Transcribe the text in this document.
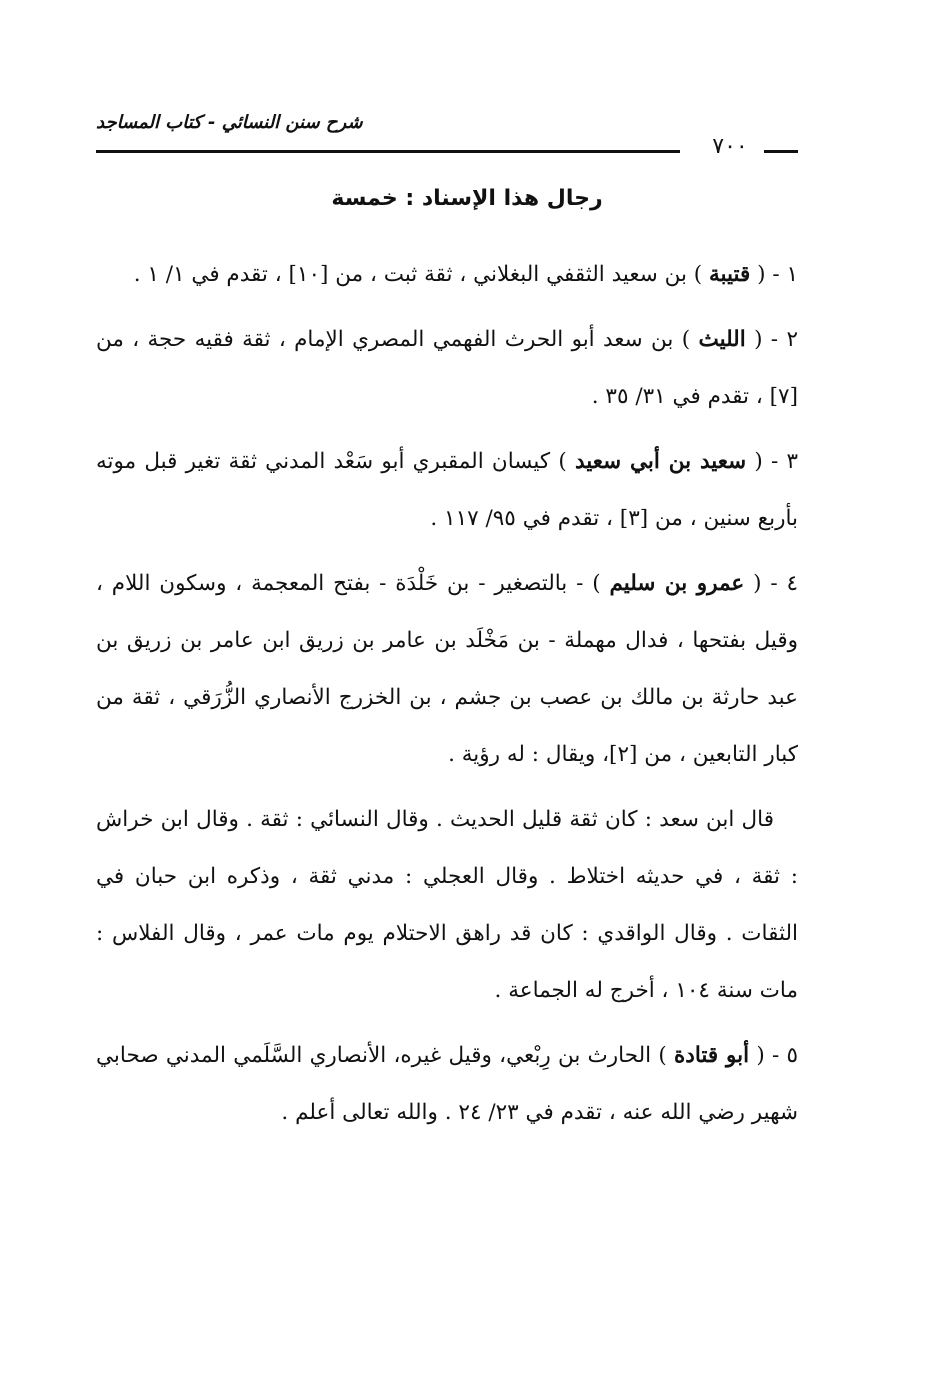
شرح سنن النسائي - كتاب المساجد
٧٠٠
رجال هذا الإسناد : خمسة

١ - ( قتيبة ) بن سعيد الثقفي البغلاني ، ثقة ثبت ، من [١٠] ، تقدم في ١/ ١ .

٢ - ( الليث ) بن سعد أبو الحرث الفهمي المصري الإمام ، ثقة فقيه حجة ، من [٧] ، تقدم في ٣١/ ٣٥ .

٣ - ( سعيد بن أبي سعيد ) كيسان المقبري أبو سَعْد المدني ثقة تغير قبل موته بأربع سنين ، من [٣] ، تقدم في ٩٥/ ١١٧ .

٤ - ( عمرو بن سليم ) - بالتصغير - بن خَلْدَة - بفتح المعجمة ، وسكون اللام ، وقيل بفتحها ، فدال مهملة - بن مَخْلَد بن عامر بن زريق ابن عامر بن زريق بن عبد حارثة بن مالك بن عصب بن جشم ، بن الخزرج الأنصاري الزُّرَقي ، ثقة من كبار التابعين ، من [٢]، ويقال : له رؤية .

قال ابن سعد : كان ثقة قليل الحديث . وقال النسائي : ثقة . وقال ابن خراش : ثقة ، في حديثه اختلاط . وقال العجلي : مدني ثقة ، وذكره ابن حبان في الثقات . وقال الواقدي : كان قد راهق الاحتلام يوم مات عمر ، وقال الفلاس : مات سنة ١٠٤ ، أخرج له الجماعة .

٥ - ( أبو قتادة ) الحارث بن رِبْعي، وقيل غيره، الأنصاري السَّلَمي المدني صحابي شهير رضي الله عنه ، تقدم في ٢٣/ ٢٤ . والله تعالى أعلم .
